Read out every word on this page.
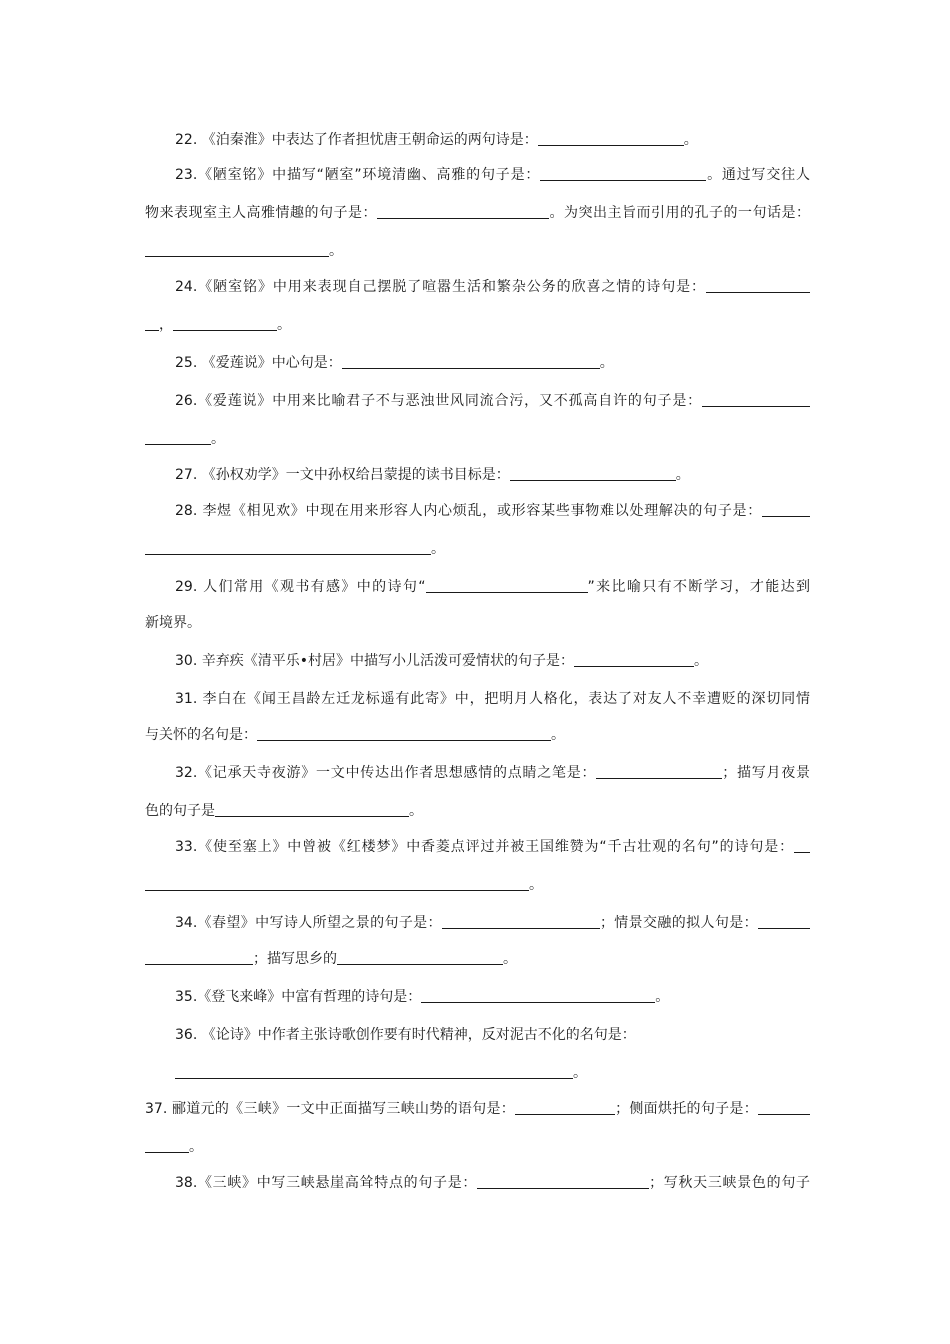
22. 《泊秦淮》中表达了作者担忧唐王朝命运的两句诗是：	。
23.《陋室铭》中描写“陋室”环境清幽、高雅的句子是：	。通过写交往人
物来表现室主人高雅情趣的句子是：	。为突出主旨而引用的孔子的一句话是：
。
24.《陋室铭》中用来表现自己摆脱了喧嚣生活和繁杂公务的欣喜之情的诗句是：
，	。
25. 《爱莲说》中心句是：	。
26.《爱莲说》中用来比喻君子不与恶浊世风同流合污，又不孤高自许的句子是：
。
27. 《孙权劝学》一文中孙权给吕蒙提的读书目标是：	。
28. 李煜《相见欢》中现在用来形容人内心烦乱，或形容某些事物难以处理解决的句子是：
。
29. 人们常用《观书有感》中的诗句“	”来比喻只有不断学习，才能达到
新境界。
30. 辛弃疾《清平乐•村居》中描写小儿活泼可爱情状的句子是：	。
31. 李白在《闻王昌龄左迁龙标遥有此寄》中，把明月人格化，表达了对友人不幸遭贬的深切同情
与关怀的名句是：	。
32.《记承天寺夜游》一文中传达出作者思想感情的点睛之笔是：	；描写月夜景
色的句子是	。
33.《使至塞上》中曾被《红楼梦》中香菱点评过并被王国维赞为“千古壮观的名句”的诗句是：
。
34.《春望》中写诗人所望之景的句子是：	；情景交融的拟人句是：
；描写思乡的	。
35.《登飞来峰》中富有哲理的诗句是：	。
36. 《论诗》中作者主张诗歌创作要有时代精神，反对泥古不化的名句是：
。
37. 郦道元的《三峡》一文中正面描写三峡山势的语句是：	；侧面烘托的句子是：
。
38.《三峡》中写三峡悬崖高耸特点的句子是：	；写秋天三峡景色的句子
